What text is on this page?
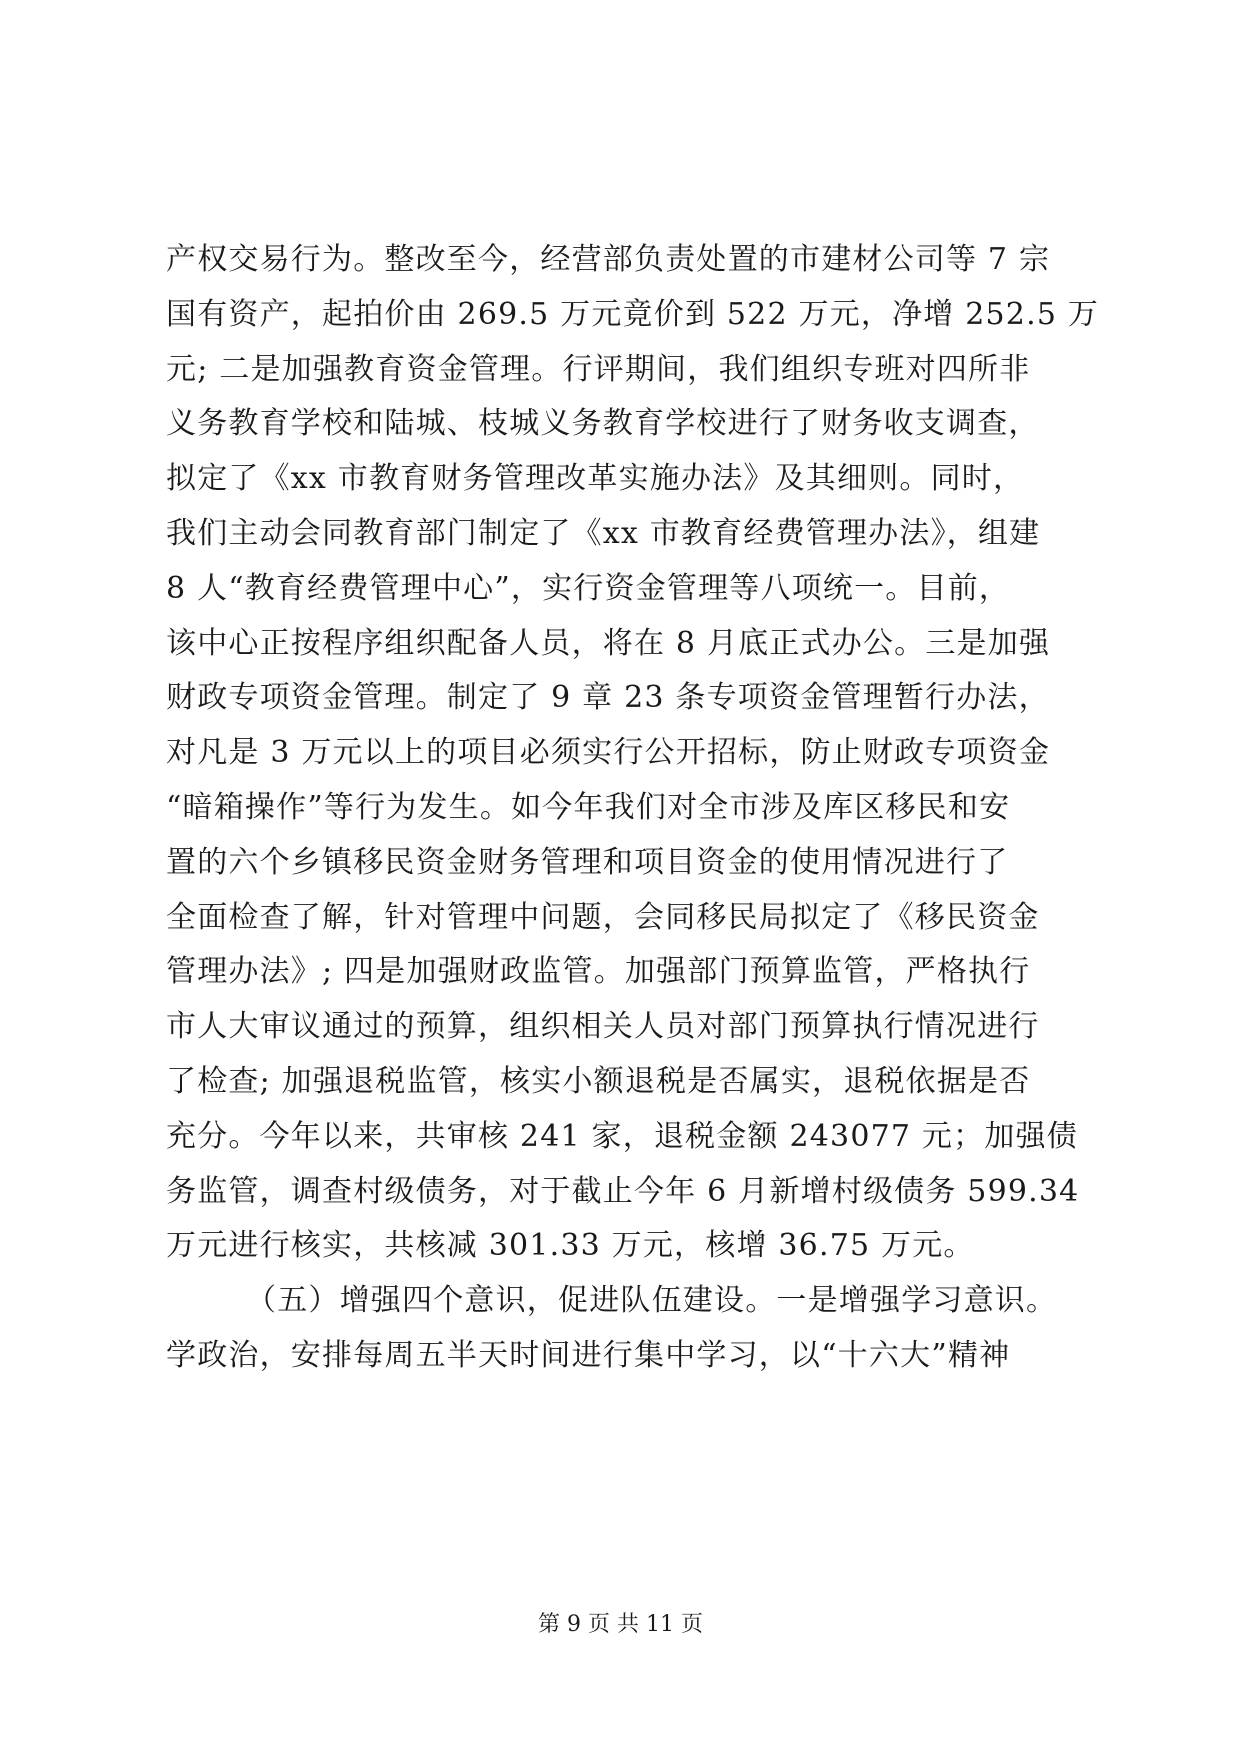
产权交易行为。整改至今，经营部负责处置的市建材公司等 7 宗
国有资产，起拍价由 269.5 万元竟价到 522 万元，净增 252.5 万
元; 二是加强教育资金管理。行评期间，我们组织专班对四所非
义务教育学校和陆城、枝城义务教育学校进行了财务收支调查，
拟定了《xx 市教育财务管理改革实施办法》及其细则。同时，
我们主动会同教育部门制定了《xx 市教育经费管理办法》，组建
8 人“教育经费管理中心”，实行资金管理等八项统一。目前，
该中心正按程序组织配备人员，将在 8 月底正式办公。三是加强
财政专项资金管理。制定了 9 章 23 条专项资金管理暂行办法，
对凡是 3 万元以上的项目必须实行公开招标，防止财政专项资金
“暗箱操作”等行为发生。如今年我们对全市涉及库区移民和安
置的六个乡镇移民资金财务管理和项目资金的使用情况进行了
全面检查了解，针对管理中问题，会同移民局拟定了《移民资金
管理办法》; 四是加强财政监管。加强部门预算监管，严格执行
市人大审议通过的预算，组织相关人员对部门预算执行情况进行
了检查; 加强退税监管，核实小额退税是否属实，退税依据是否
充分。今年以来，共审核 241 家，退税金额 243077 元；加强债
务监管，调查村级债务，对于截止今年 6 月新增村级债务 599.34
万元进行核实，共核减 301.33 万元，核增 36.75 万元。
（五）增强四个意识，促进队伍建设。一是增强学习意识。
学政治，安排每周五半天时间进行集中学习，以“十六大”精神
第 9 页 共 11 页
